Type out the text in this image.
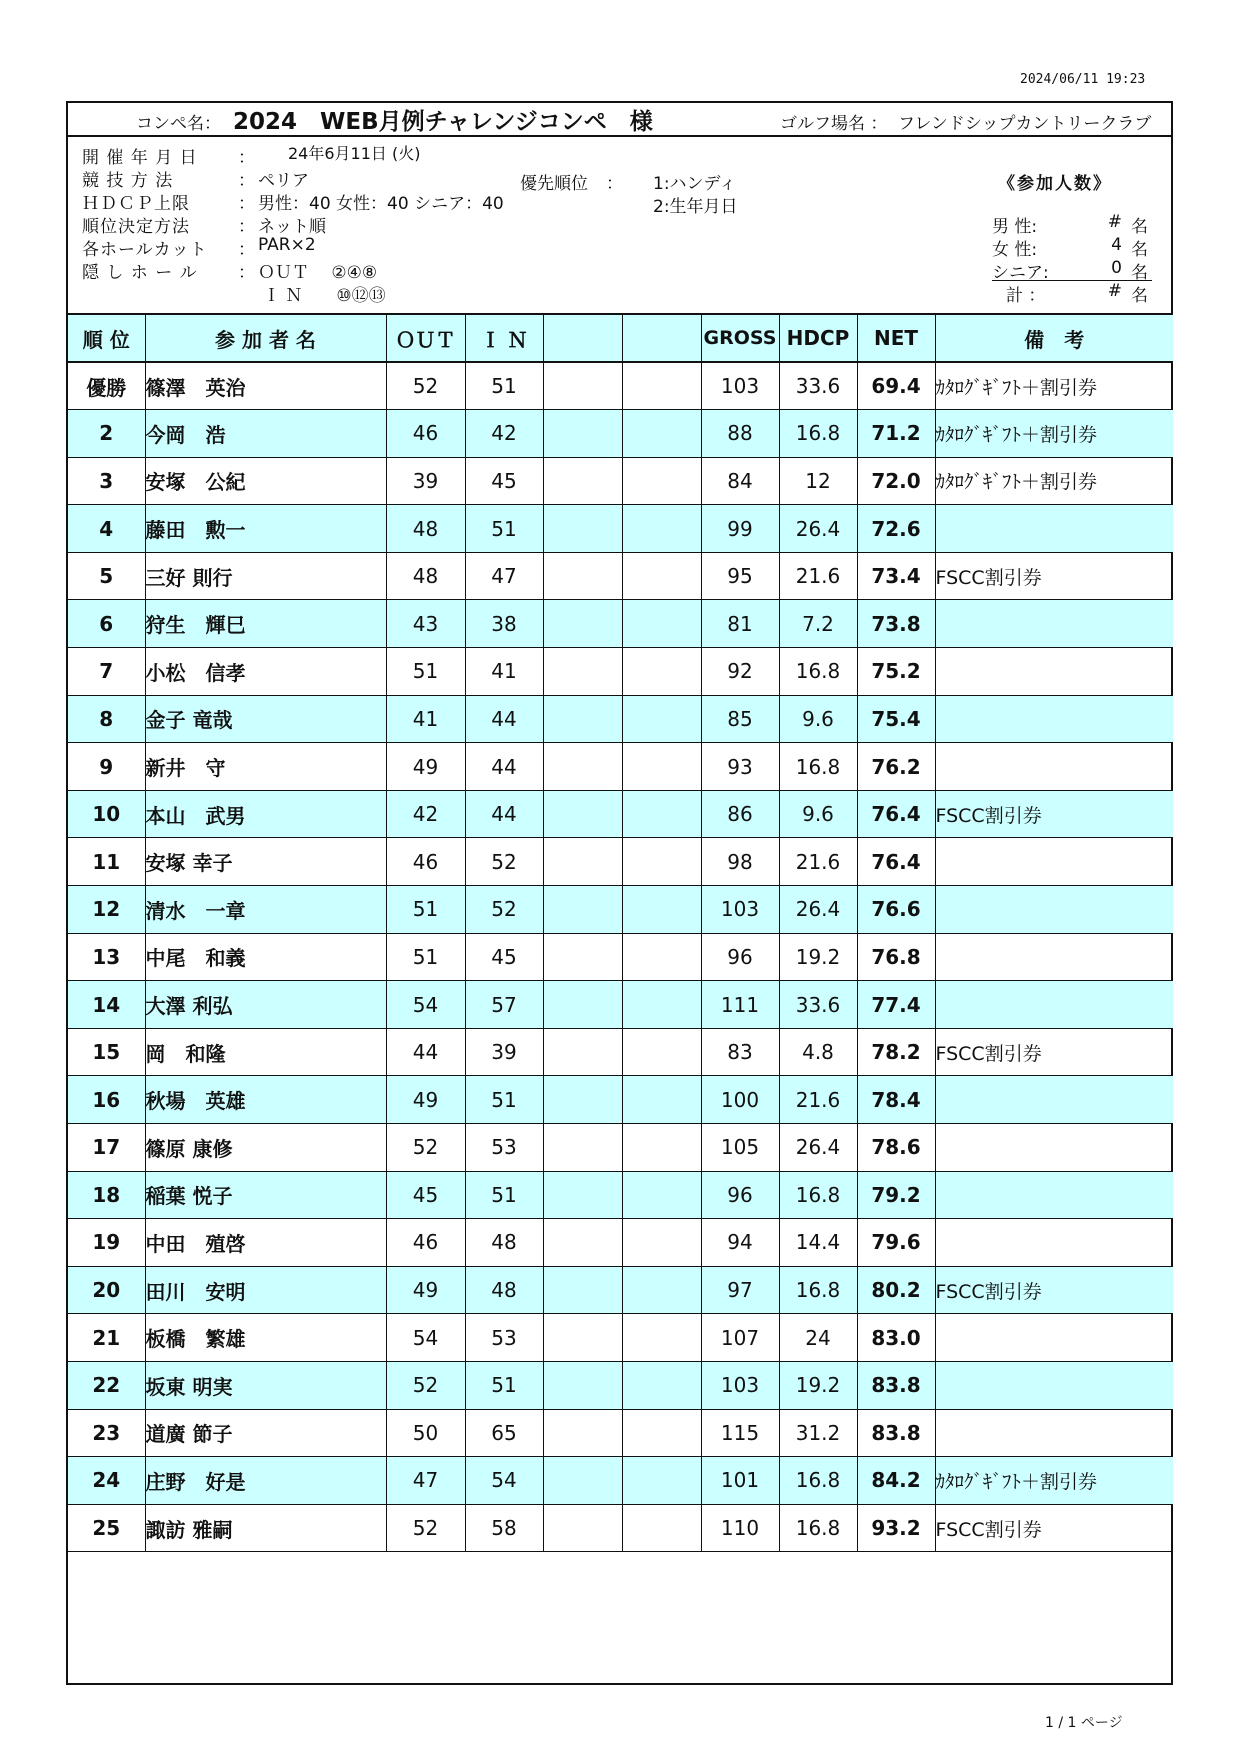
2024/06/11 19:23
コンペ名： 2024　WEB月例チャレンジコンペ　様	ゴルフ場名 ： フレンドシップカントリークラブ
開 催 年 月 日	： 24年6月11日 (火)
競 技 方 法	： ペリア
ＨＤＣＰ上限	： 男性：40 女性：40 シニア：40
順位決定方法	： ネット順
各ホールカット	： PAR×2
隠 し ホ ー ル	： ＯＵＴ　 ②④⑧
Ｉ Ｎ　　⑩⑫⑬
優先順位 ： 1:ハンディ
2:生年月日
《参加人数》
男 性:	# 名
女 性:	4 名
シニア:	0 名
計 ：	# 名
順 位	参 加 者 名	ＯＵＴ	Ｉ Ｎ			GROSS	HDCP	NET	備　考
優勝	篠澤　英治	52	51			103	33.6	69.4	ｶﾀﾛｸﾞｷﾞﾌﾄ＋割引券
2	今岡　浩	46	42			88	16.8	71.2	ｶﾀﾛｸﾞｷﾞﾌﾄ＋割引券
3	安塚　公紀	39	45			84	12	72.0	ｶﾀﾛｸﾞｷﾞﾌﾄ＋割引券
4	藤田　勲一	48	51			99	26.4	72.6	
5	三好 則行	48	47			95	21.6	73.4	FSCC割引券
6	狩生　輝巳	43	38			81	7.2	73.8	
7	小松　信孝	51	41			92	16.8	75.2	
8	金子 竜哉	41	44			85	9.6	75.4	
9	新井　守	49	44			93	16.8	76.2	
10	本山　武男	42	44			86	9.6	76.4	FSCC割引券
11	安塚 幸子	46	52			98	21.6	76.4	
12	清水　一章	51	52			103	26.4	76.6	
13	中尾　和義	51	45			96	19.2	76.8	
14	大澤 利弘	54	57			111	33.6	77.4	
15	岡　和隆	44	39			83	4.8	78.2	FSCC割引券
16	秋場　英雄	49	51			100	21.6	78.4	
17	篠原 康修	52	53			105	26.4	78.6	
18	稲葉 悦子	45	51			96	16.8	79.2	
19	中田　殖啓	46	48			94	14.4	79.6	
20	田川　安明	49	48			97	16.8	80.2	FSCC割引券
21	板橋　繁雄	54	53			107	24	83.0	
22	坂東 明実	52	51			103	19.2	83.8	
23	道廣 節子	50	65			115	31.2	83.8	
24	庄野　好是	47	54			101	16.8	84.2	ｶﾀﾛｸﾞｷﾞﾌﾄ＋割引券
25	諏訪 雅嗣	52	58			110	16.8	93.2	FSCC割引券
1 / 1 ページ
